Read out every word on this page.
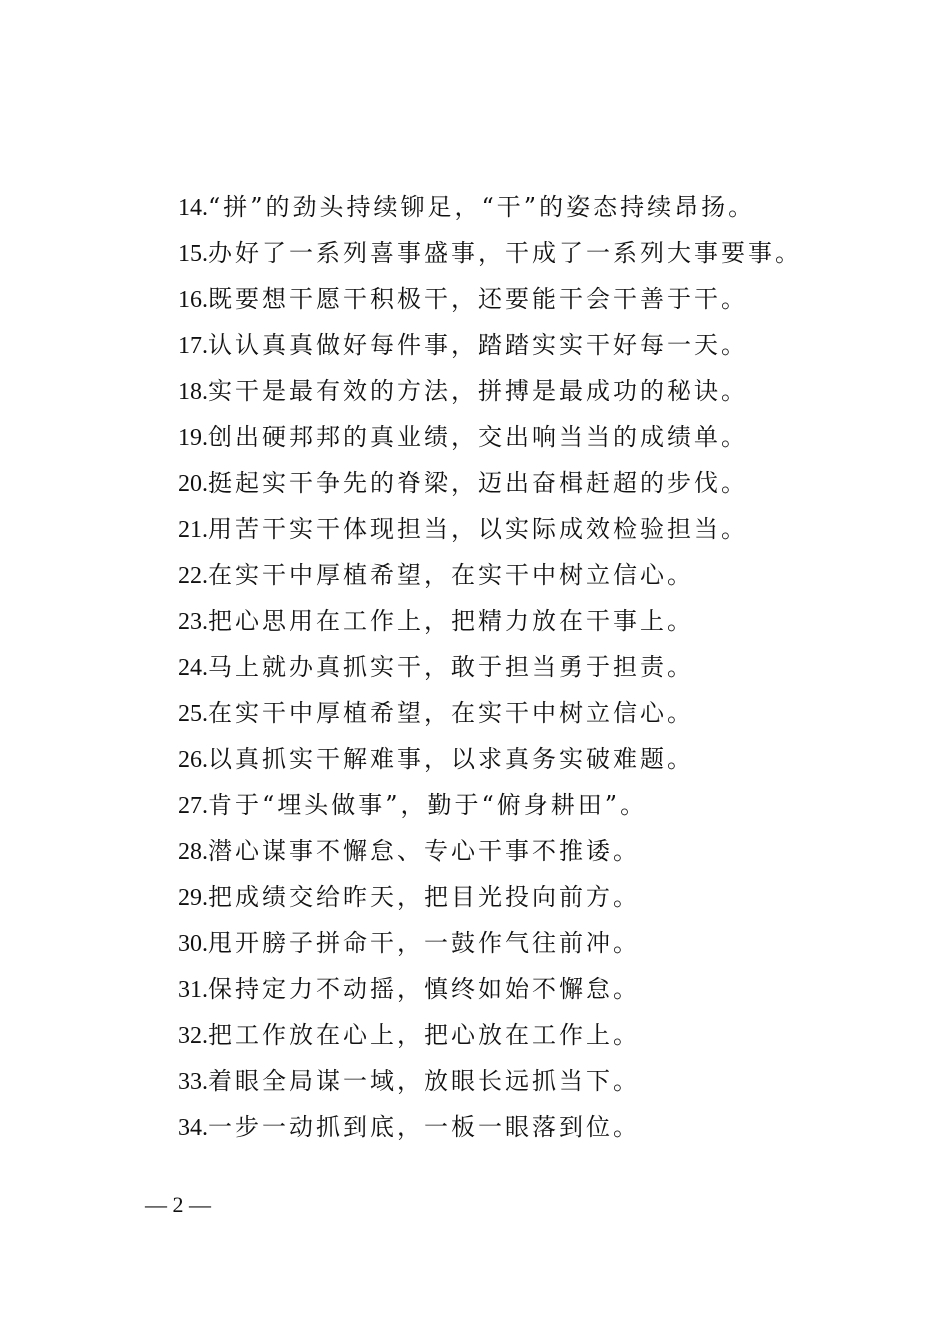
14.“拼”的劲头持续铆足，“干”的姿态持续昂扬。
15.办好了一系列喜事盛事，干成了一系列大事要事。
16.既要想干愿干积极干，还要能干会干善于干。
17.认认真真做好每件事，踏踏实实干好每一天。
18.实干是最有效的方法，拼搏是最成功的秘诀。
19.创出硬邦邦的真业绩，交出响当当的成绩单。
20.挺起实干争先的脊梁，迈出奋楫赶超的步伐。
21.用苦干实干体现担当，以实际成效检验担当。
22.在实干中厚植希望，在实干中树立信心。
23.把心思用在工作上，把精力放在干事上。
24.马上就办真抓实干，敢于担当勇于担责。
25.在实干中厚植希望，在实干中树立信心。
26.以真抓实干解难事，以求真务实破难题。
27.肯于“埋头做事”，勤于“俯身耕田”。
28.潜心谋事不懈怠、专心干事不推诿。
29.把成绩交给昨天，把目光投向前方。
30.甩开膀子拼命干，一鼓作气往前冲。
31.保持定力不动摇，慎终如始不懈怠。
32.把工作放在心上，把心放在工作上。
33.着眼全局谋一域，放眼长远抓当下。
34.一步一动抓到底，一板一眼落到位。
— 2 —
